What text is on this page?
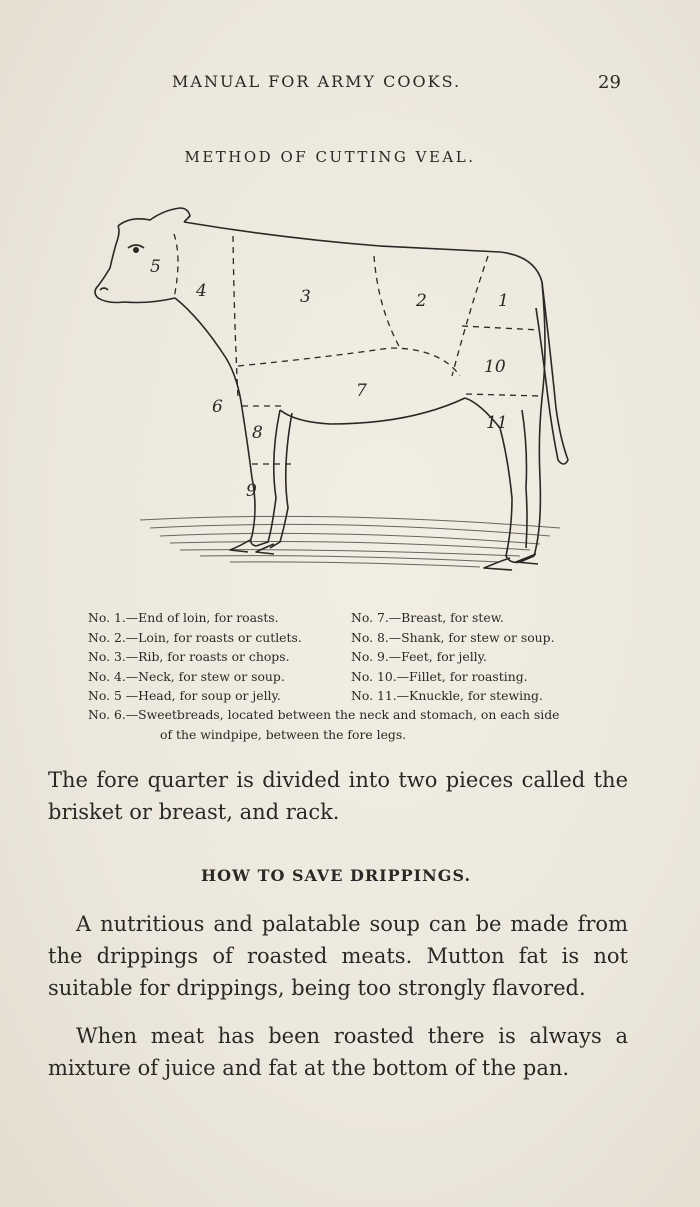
MANUAL FOR ARMY COOKS.	29
METHOD OF CUTTING VEAL.
1
2
3
4
5
6
7
8
9
10
11
No. 1.—End of loin, for roasts.
No. 2.—Loin, for roasts or cutlets.
No. 3.—Rib, for roasts or chops.
No. 4.—Neck, for stew or soup.
No. 5 —Head, for soup or jelly.
No. 7.—Breast, for stew.
No. 8.—Shank, for stew or soup.
No. 9.—Feet, for jelly.
No. 10.—Fillet, for roasting.
No. 11.—Knuckle, for stewing.
No. 6.—Sweetbreads, located between the neck and stomach, on each side
of the windpipe, between the fore legs.
The fore quarter is divided into two pieces called the brisket or breast, and rack.
HOW TO SAVE DRIPPINGS.
A nutritious and palatable soup can be made from the drippings of roasted meats. Mutton fat is not suitable for drippings, being too strongly flavored.
When meat has been roasted there is always a mixture of juice and fat at the bottom of the pan.
